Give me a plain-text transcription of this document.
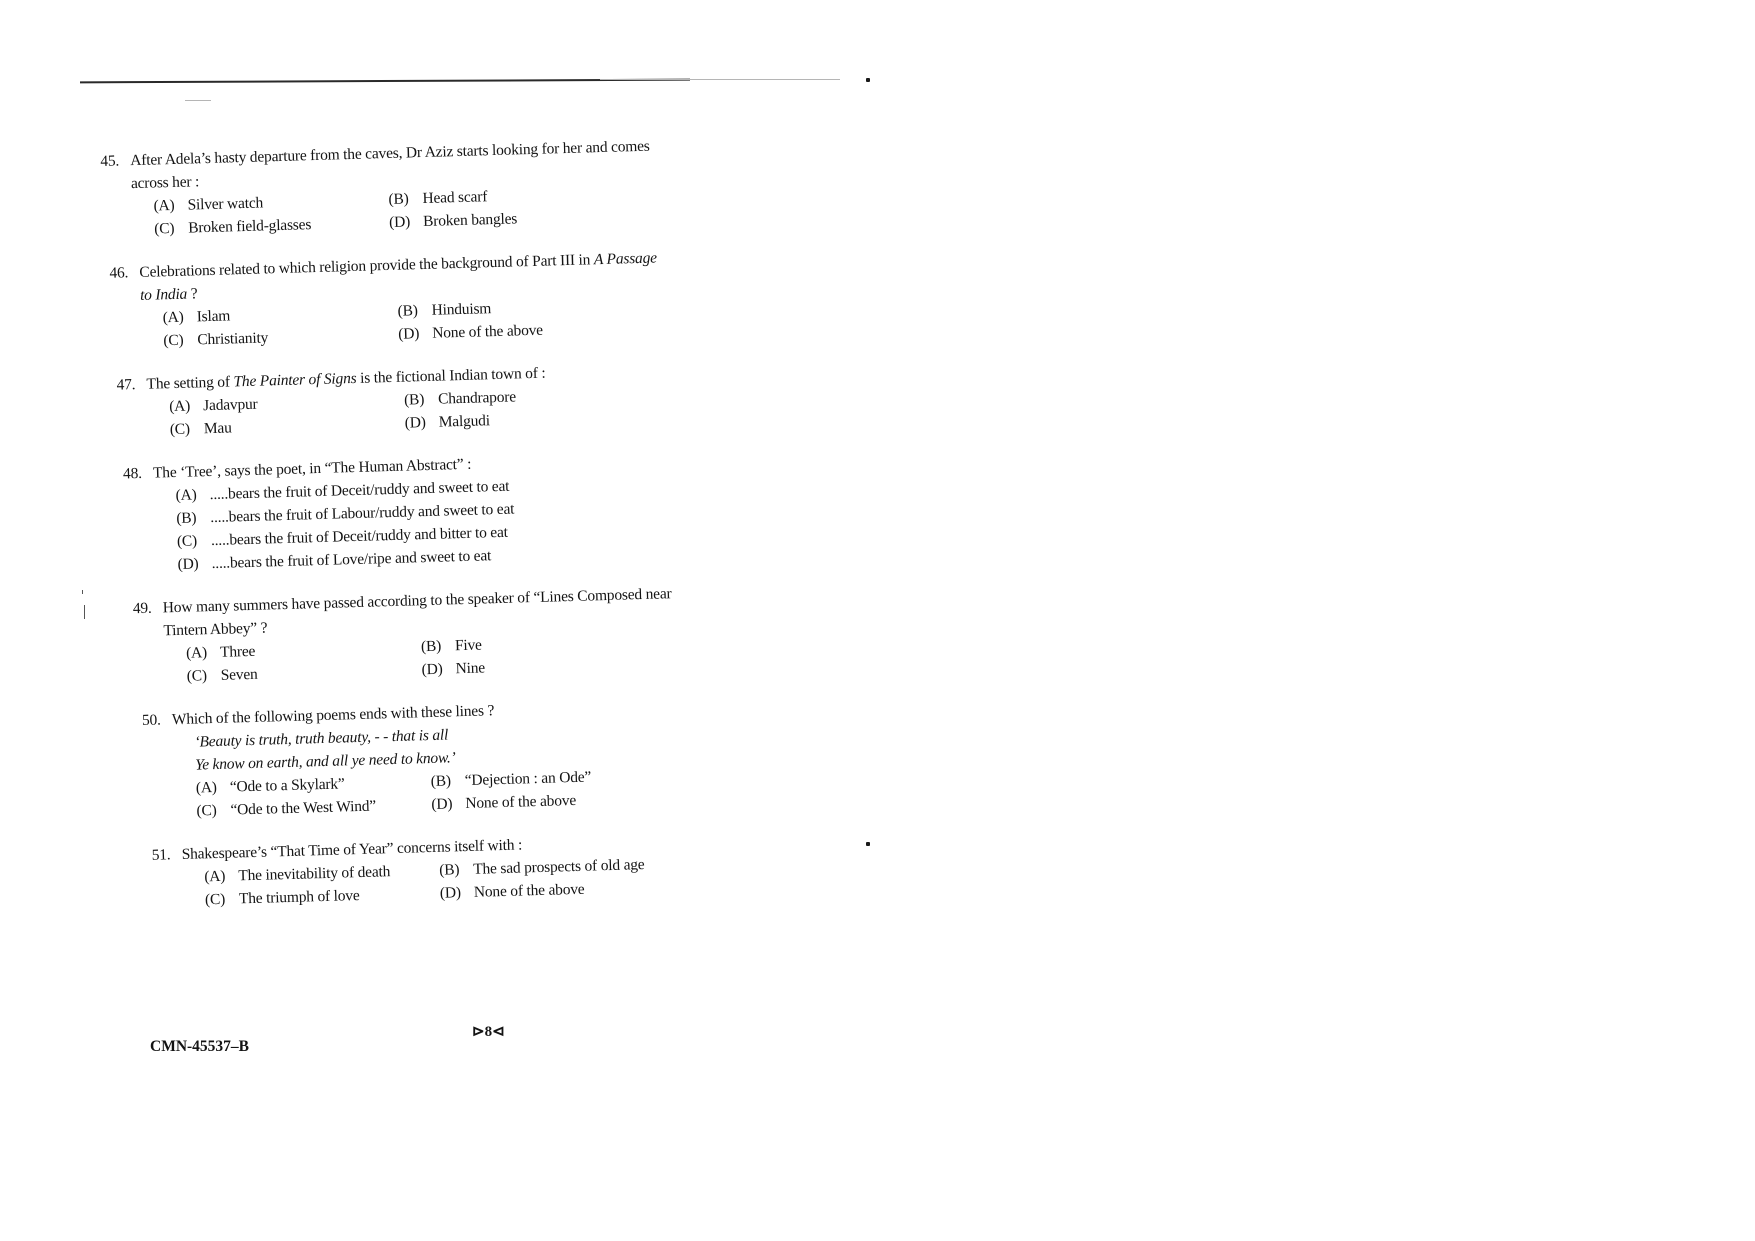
45. After Adela’s hasty departure from the caves, Dr Aziz starts looking for her and comes
across her :
(A) Silver watch	(B) Head scarf
(C) Broken field-glasses	(D) Broken bangles
46. Celebrations related to which religion provide the background of Part III in A Passage
to India ?
(A) Islam	(B) Hinduism
(C) Christianity	(D) None of the above
47. The setting of The Painter of Signs is the fictional Indian town of :
(A) Jadavpur	(B) Chandrapore
(C) Mau	(D) Malgudi
48. The ‘Tree’, says the poet, in “The Human Abstract” :
(A) .....bears the fruit of Deceit/ruddy and sweet to eat
(B) .....bears the fruit of Labour/ruddy and sweet to eat
(C) .....bears the fruit of Deceit/ruddy and bitter to eat
(D) .....bears the fruit of Love/ripe and sweet to eat
49. How many summers have passed according to the speaker of “Lines Composed near
Tintern Abbey” ?
(A) Three	(B) Five
(C) Seven	(D) Nine
50. Which of the following poems ends with these lines ?
‘Beauty is truth, truth beauty, - - that is all
Ye know on earth, and all ye need to know.’
(A) “Ode to a Skylark”	(B) “Dejection : an Ode”
(C) “Ode to the West Wind”	(D) None of the above
51. Shakespeare’s “That Time of Year” concerns itself with :
(A) The inevitability of death	(B) The sad prospects of old age
(C) The triumph of love	(D) None of the above
CMN-45537–B
⊳8⊲
